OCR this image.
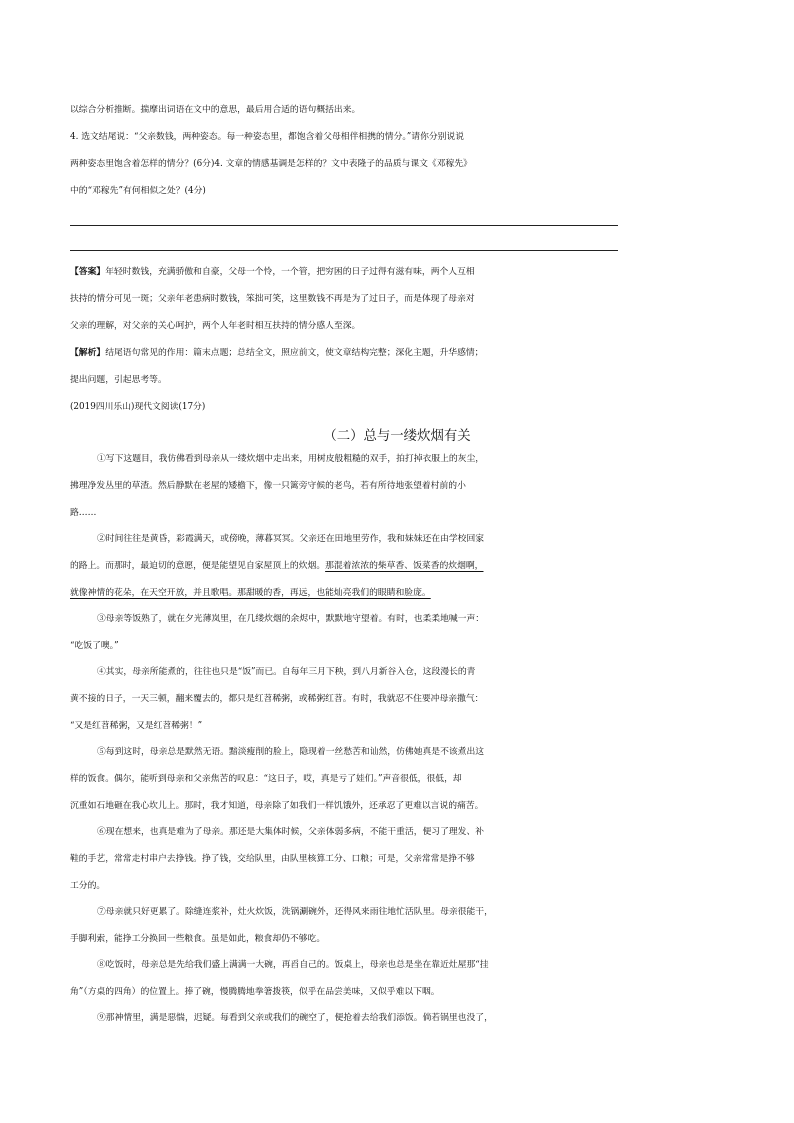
以综合分析推断。揣摩出词语在文中的意思，最后用合适的语句概括出来。
4. 选文结尾说：“父亲数钱，两种姿态。每一种姿态里，都饱含着父母相伴相携的情分。”请你分别说说
两种姿态里饱含着怎样的情分？(6分)4. 文章的情感基调是怎样的？文中表隆子的品质与课文《邓稼先》
中的“邓稼先”有何相似之处？(4分)
【答案】年轻时数钱，充满骄傲和自豪，父母一个怜，一个管，把穷困的日子过得有滋有味，两个人互相
扶持的情分可见一斑；父亲年老患病时数钱，笨拙可笑，这里数钱不再是为了过日子，而是体现了母亲对
父亲的理解，对父亲的关心呵护，两个人年老时相互扶持的情分感人至深。
【解析】结尾语句常见的作用：篇末点题；总结全文，照应前文，使文章结构完整；深化主题，升华感情；
提出问题，引起思考等。
(2019四川乐山)现代文阅读(17分)
（二）总与一缕炊烟有关
①写下这题目，我仿佛看到母亲从一缕炊烟中走出来，用树皮般粗糙的双手，拍打掉衣服上的灰尘，
拂理净发丛里的草渣。然后静默在老屋的矮檐下，像一只篱旁守候的老鸟，若有所待地张望着村前的小
路……
②时间往往是黄昏，彩霞满天，或傍晚，薄暮冥冥。父亲还在田地里劳作，我和妹妹还在由学校回家
的路上。而那时，最迫切的意愿，便是能望见自家屋顶上的炊烟。那混着浓浓的柴草香、饭菜香的炊烟啊，
就像神情的花朵，在天空开放，并且歌唱。那甜暖的香，再远，也能灿亮我们的眼睛和脸庞。
③母亲等饭熟了，就在夕光薄岚里，在几缕炊烟的余烬中，默默地守望着。有时，也柔柔地喊一声：
“吃饭了噢。”
④其实，母亲所能煮的，往往也只是“饭”而已。自每年三月下秧，到八月新谷入仓，这段漫长的青
黄不接的日子，一天三顿，翻来覆去的，都只是红苕稀粥，或稀粥红苕。有时，我就忍不住要冲母亲撒气：
“又是红苕稀粥，又是红苕稀粥！”
⑤每到这时，母亲总是默然无语。黯淡瘦削的脸上，隐现着一丝愁苦和讪然，仿佛她真是不该煮出这
样的饭食。偶尔，能听到母亲和父亲焦苦的叹息：“这日子，哎，真是亏了娃们。”声音很低，很低，却
沉重如石地砸在我心坎儿上。那时，我才知道，母亲除了如我们一样饥饿外，还承忍了更难以言说的痛苦。
⑥现在想来，也真是难为了母亲。那还是大集体时候，父亲体弱多病，不能干重活，便习了理发、补
鞋的手艺，常常走村串户去挣钱。挣了钱，交给队里，由队里核算工分、口粮；可是，父亲常常是挣不够
工分的。
⑦母亲就只好更累了。除缝连浆补，灶火炊饭，洗锅涮碗外，还得风来雨往地忙活队里。母亲很能干，
手脚利索，能挣工分换回一些粮食。虽是如此，粮食却仍不够吃。
⑧吃饭时，母亲总是先给我们盛上满满一大碗，再舀自己的。饭桌上，母亲也总是坐在靠近灶屋那“挂
角”（方桌的四角）的位置上。捧了碗，慢腾腾地拳箸拨筷，似乎在品尝美味，又似乎难以下咽。
⑨那神情里，满是惡惴，迟疑。每看到父亲或我们的碗空了，便抢着去给我们添饭。倘若锅里也没了，
